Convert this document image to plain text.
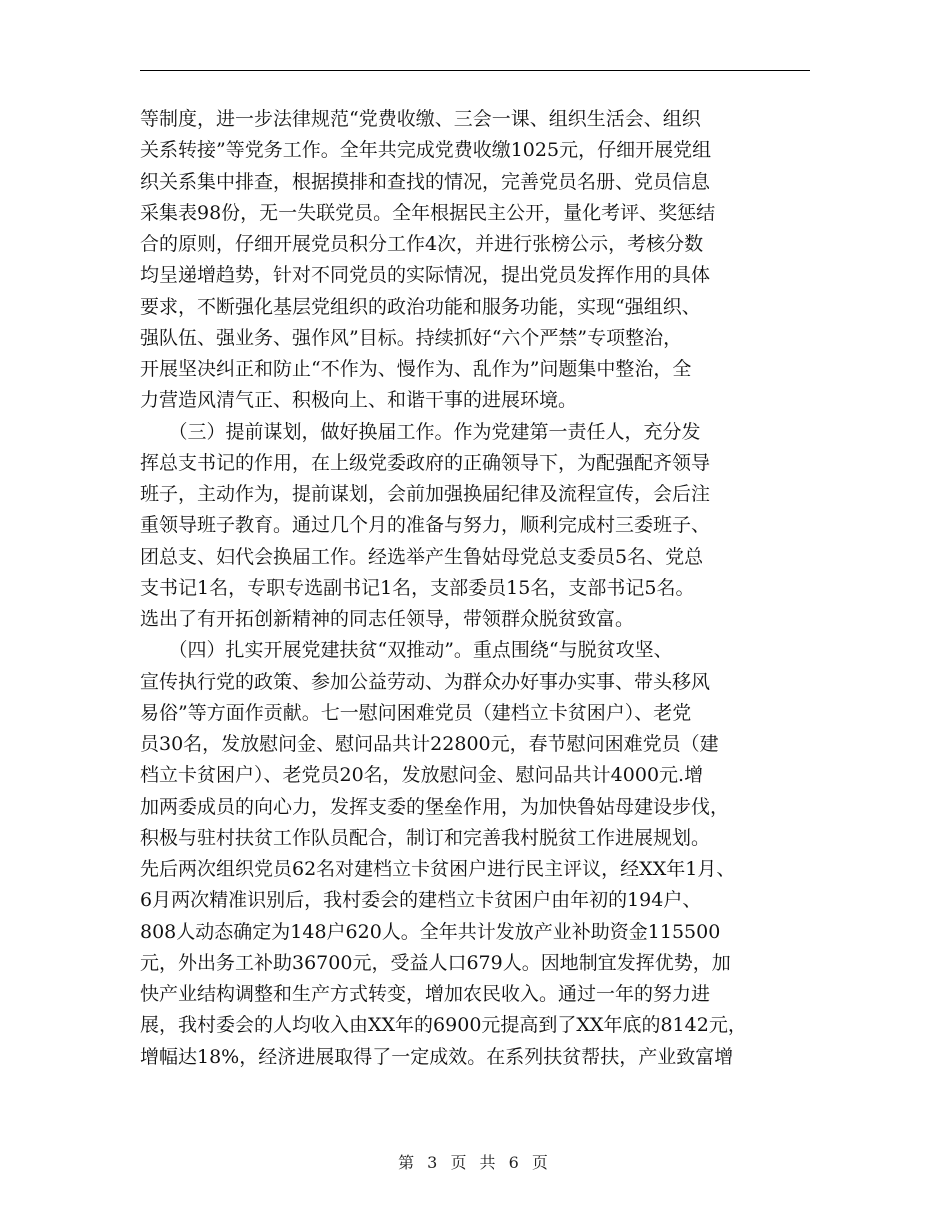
等制度，进一步法律规范“党费收缴、三会一课、组织生活会、组织
关系转接”等党务工作。全年共完成党费收缴1025元，仔细开展党组
织关系集中排查，根据摸排和查找的情况，完善党员名册、党员信息
采集表98份，无一失联党员。全年根据民主公开，量化考评、奖惩结
合的原则，仔细开展党员积分工作4次，并进行张榜公示，考核分数
均呈递增趋势，针对不同党员的实际情况，提出党员发挥作用的具体
要求，不断强化基层党组织的政治功能和服务功能，实现“强组织、
强队伍、强业务、强作风”目标。持续抓好“六个严禁”专项整治，
开展坚决纠正和防止“不作为、慢作为、乱作为”问题集中整治，全
力营造风清气正、积极向上、和谐干事的进展环境。
　　（三）提前谋划，做好换届工作。作为党建第一责任人，充分发
挥总支书记的作用，在上级党委政府的正确领导下，为配强配齐领导
班子，主动作为，提前谋划，会前加强换届纪律及流程宣传，会后注
重领导班子教育。通过几个月的准备与努力，顺利完成村三委班子、
团总支、妇代会换届工作。经选举产生鲁姑母党总支委员5名、党总
支书记1名，专职专选副书记1名，支部委员15名，支部书记5名。
选出了有开拓创新精神的同志任领导，带领群众脱贫致富。
　　（四）扎实开展党建扶贫“双推动”。重点围绕“与脱贫攻坚、
宣传执行党的政策、参加公益劳动、为群众办好事办实事、带头移风
易俗”等方面作贡献。七一慰问困难党员（建档立卡贫困户）、老党
员30名，发放慰问金、慰问品共计22800元，春节慰问困难党员（建
档立卡贫困户）、老党员20名，发放慰问金、慰问品共计4000元.增
加两委成员的向心力，发挥支委的堡垒作用，为加快鲁姑母建设步伐，
积极与驻村扶贫工作队员配合，制订和完善我村脱贫工作进展规划。
先后两次组织党员62名对建档立卡贫困户进行民主评议，经XX年1月、
6月两次精准识别后，我村委会的建档立卡贫困户由年初的194户、
808人动态确定为148户620人。全年共计发放产业补助资金115500
元，外出务工补助36700元，受益人口679人。因地制宜发挥优势，加
快产业结构调整和生产方式转变，增加农民收入。通过一年的努力进
展，我村委会的人均收入由XX年的6900元提高到了XX年底的8142元，
增幅达18%，经济进展取得了一定成效。在系列扶贫帮扶，产业致富增
第 3 页 共 6 页
